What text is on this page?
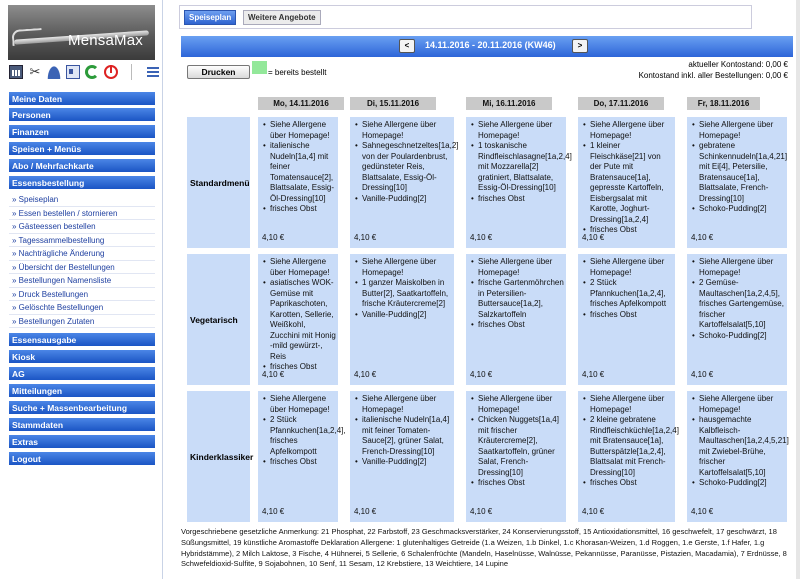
MensaMax
✂
Meine Daten
Personen
Finanzen
Speisen + Menüs
Abo / Mehrfachkarte
Essensbestellung
» Speiseplan
» Essen bestellen / stornieren
» Gästeessen bestellen
» Tagessammelbestellung
» Nachträgliche Änderung
» Übersicht der Bestellungen
» Bestellungen Namensliste
» Druck Bestellungen
» Gelöschte Bestellungen
» Bestellungen Zutaten
Essensausgabe
Kiosk
AG
Mitteilungen
Suche + Massenbearbeitung
Stammdaten
Extras
Logout
Speiseplan	Weitere Angebote
<	14.11.2016 - 20.11.2016 (KW46)	>
Drucken	= bereits bestellt
aktueller Kontostand: 0,00 €
Kontostand inkl. aller Bestellungen: 0,00 €
Mo, 14.11.2016	Di, 15.11.2016	Mi, 16.11.2016	Do, 17.11.2016	Fr, 18.11.2016
Standardmenü
• Siehe Allergene über Homepage!
• italienische Nudeln[1a,4] mit feiner Tomatensauce[2], Blattsalate, Essig-Öl-Dressing[10]
• frisches Obst
4,10 €
• Siehe Allergene über Homepage!
• Sahnegeschnetzeltes[1a,2] von der Poulardenbrust, gedünsteter Reis, Blattsalate, Essig-Öl-Dressing[10]
• Vanille-Pudding[2]
4,10 €
• Siehe Allergene über Homepage!
• 1 toskanische Rindfleischlasagne[1a,2,4] mit Mozzarella[2] gratiniert, Blattsalate, Essig-Öl-Dressing[10]
• frisches Obst
4,10 €
• Siehe Allergene über Homepage!
• 1 kleiner Fleischkäse[21] von der Pute mit Bratensauce[1a], gepresste Kartoffeln, Eisbergsalat mit Karotte, Joghurt-Dressing[1a,2,4]
• frisches Obst
4,10 €
• Siehe Allergene über Homepage!
• gebratene Schinkennudeln[1a,4,21] mit Ei[4], Petersilie, Bratensauce[1a], Blattsalate, French-Dressing[10]
• Schoko-Pudding[2]
4,10 €
Vegetarisch
• Siehe Allergene über Homepage!
• asiatisches WOK-Gemüse mit Paprikaschoten, Karotten, Sellerie, Weißkohl, Zucchini mit Honig -mild gewürzt-, Reis
• frisches Obst
4,10 €
• Siehe Allergene über Homepage!
• 1 ganzer Maiskolben in Butter[2], Saatkartoffeln, frische Kräutercreme[2]
• Vanille-Pudding[2]
4,10 €
• Siehe Allergene über Homepage!
• frische Gartenmöhrchen in Petersilien-Buttersauce[1a,2], Salzkartoffeln
• frisches Obst
4,10 €
• Siehe Allergene über Homepage!
• 2 Stück Pfannkuchen[1a,2,4], frisches Apfelkompott
• frisches Obst
4,10 €
• Siehe Allergene über Homepage!
• 2 Gemüse-Maultaschen[1a,2,4,5], frisches Gartengemüse, frischer Kartoffelsalat[5,10]
• Schoko-Pudding[2]
4,10 €
Kinderklassiker
• Siehe Allergene über Homepage!
• 2 Stück Pfannkuchen[1a,2,4], frisches Apfelkompott
• frisches Obst
4,10 €
• Siehe Allergene über Homepage!
• italienische Nudeln[1a,4] mit feiner Tomaten-Sauce[2], grüner Salat, French-Dressing[10]
• Vanille-Pudding[2]
4,10 €
• Siehe Allergene über Homepage!
• Chicken Nuggets[1a,4] mit frischer Kräutercreme[2], Saatkartoffeln, grüner Salat, French-Dressing[10]
• frisches Obst
4,10 €
• Siehe Allergene über Homepage!
• 2 kleine gebratene Rindfleischküchle[1a,2,4] mit Bratensauce[1a], Butterspätzle[1a,2,4], Blattsalat mit French-Dressing[10]
• frisches Obst
4,10 €
• Siehe Allergene über Homepage!
• hausgemachte Kalbfleisch-Maultaschen[1a,2,4,5,21] mit Zwiebel-Brühe, frischer Kartoffelsalat[5,10]
• Schoko-Pudding[2]
4,10 €
Vorgeschriebene gesetzliche Anmerkung: 21 Phosphat, 22 Farbstoff, 23 Geschmacksverstärker, 24 Konservierungsstoff, 15 Antioxidationsmittel, 16 geschwefelt, 17 geschwärzt, 18 Süßungsmittel, 19 künstliche Aromastoffe Deklaration Allergene: 1 glutenhaltiges Getreide (1.a Weizen, 1.b Dinkel, 1.c Khorasan-Weizen, 1.d Roggen, 1.e Gerste, 1.f Hafer, 1.g Hybridstämme), 2 Milch Laktose, 3 Fische, 4 Hühnerei, 5 Sellerie, 6 Schalenfrüchte (Mandeln, Haselnüsse, Walnüsse, Pekannüsse, Paranüsse, Pistazien, Macadamia), 7 Erdnüsse, 8 Schwefeldioxid-Sulfite, 9 Sojabohnen, 10 Senf, 11 Sesam, 12 Krebstiere, 13 Weichtiere, 14 Lupine
